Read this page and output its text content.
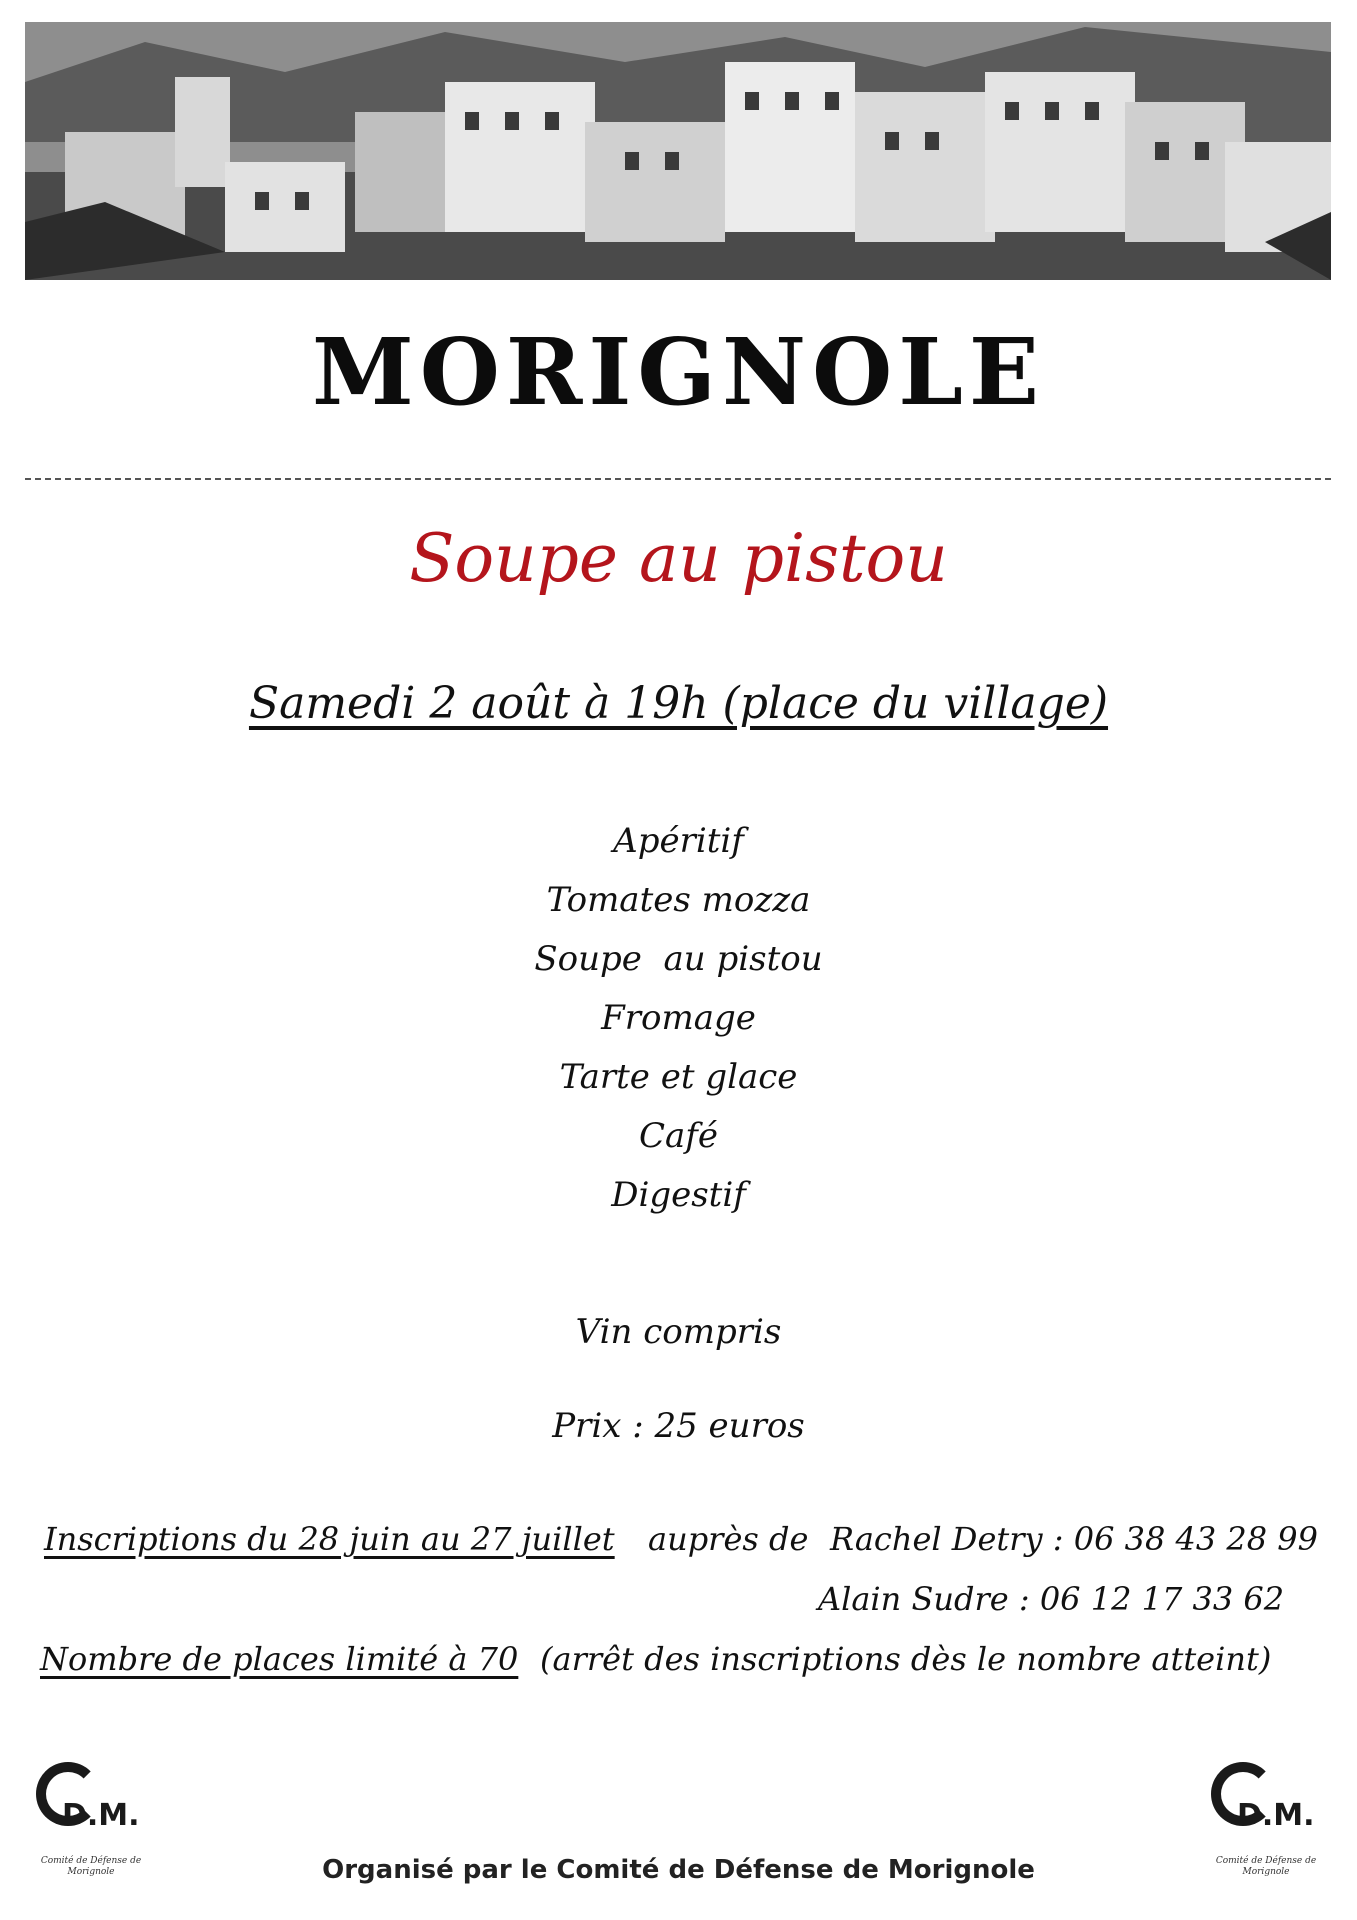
MORIGNOLE
Soupe au pistou
Samedi 2 août à 19h (place du village)
Apéritif
Tomates mozza
Soupe  au pistou
Fromage
Tarte et glace
Café
Digestif
Vin compris
Prix : 25 euros
Inscriptions du 28 juin au 27 juillet auprès de Rachel Detry : 06 38 43 28 99
Alain Sudre : 06 12 17 33 62
Nombre de places limité à 70 (arrêt des inscriptions dès le nombre atteint)
D.M.
Comité de Défense de Morignole
D.M.
Comité de Défense de Morignole
Organisé par le Comité de Défense de Morignole
